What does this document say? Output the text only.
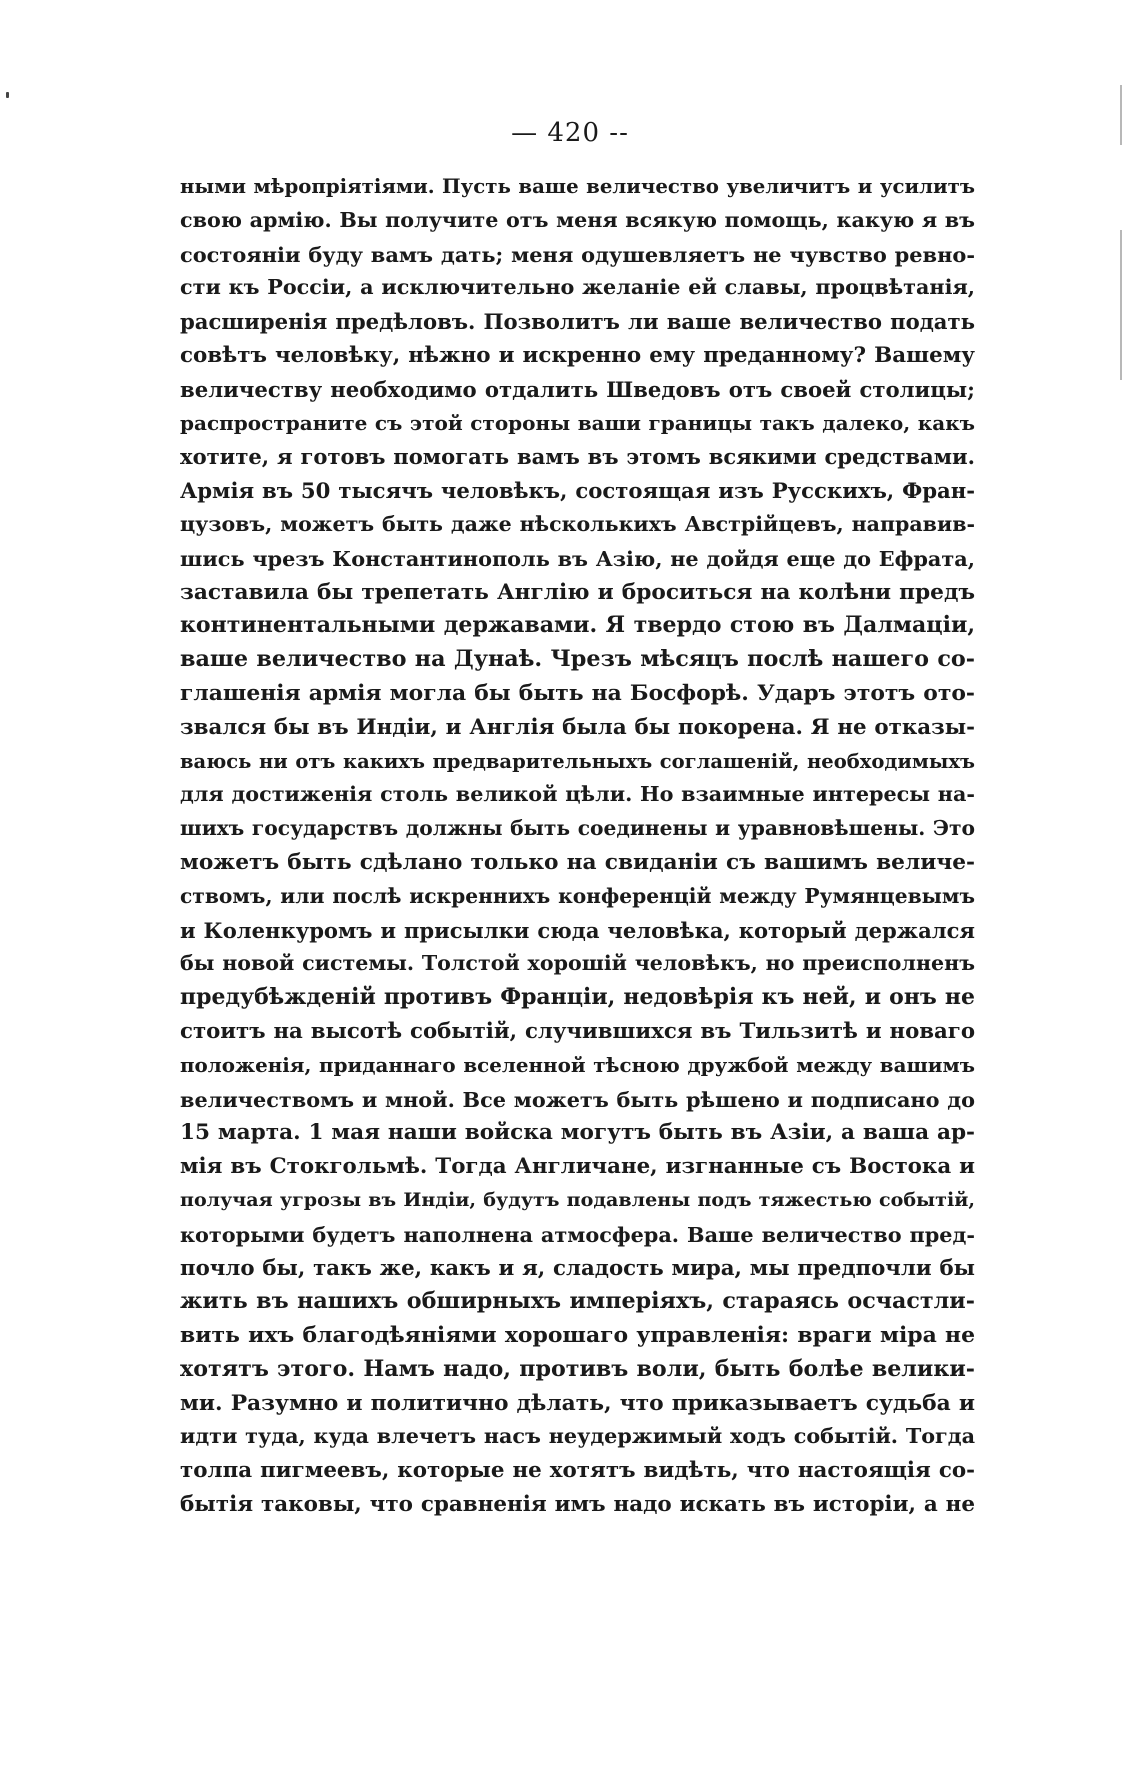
— 420 --
ными мѣропріятіями. Пусть ваше величество увеличитъ и усилитъ
свою армію. Вы получите отъ меня всякую помощь, какую я въ
состояніи буду вамъ дать; меня одушевляетъ не чувство ревно-
сти къ Россіи, а исключительно желаніе ей славы, процвѣтанія,
расширенія предѣловъ. Позволитъ ли ваше величество подать
совѣтъ человѣку, нѣжно и искренно ему преданному? Вашему
величеству необходимо отдалить Шведовъ отъ своей столицы;
распространите съ этой стороны ваши границы такъ далеко, какъ
хотите, я готовъ помогать вамъ въ этомъ всякими средствами.
Армія въ 50 тысячъ человѣкъ, состоящая изъ Русскихъ, Фран-
цузовъ, можетъ быть даже нѣсколькихъ Австрійцевъ, направив-
шись чрезъ Константинополь въ Азію, не дойдя еще до Ефрата,
заставила бы трепетать Англію и броситься на колѣни предъ
континентальными державами. Я твердо стою въ Далмаціи,
ваше величество на Дунаѣ. Чрезъ мѣсяцъ послѣ нашего со-
глашенія армія могла бы быть на Босфорѣ. Ударъ этотъ ото-
звался бы въ Индіи, и Англія была бы покорена. Я не отказы-
ваюсь ни отъ какихъ предварительныхъ соглашеній, необходимыхъ
для достиженія столь великой цѣли. Но взаимные интересы на-
шихъ государствъ должны быть соединены и уравновѣшены. Это
можетъ быть сдѣлано только на свиданіи съ вашимъ величе-
ствомъ, или послѣ искреннихъ конференцій между Румянцевымъ
и Коленкуромъ и присылки сюда человѣка, который держался
бы новой системы. Толстой хорошій человѣкъ, но преисполненъ
предубѣжденій противъ Франціи, недовѣрія къ ней, и онъ не
стоитъ на высотѣ событій, случившихся въ Тильзитѣ и новаго
положенія, приданнаго вселенной тѣсною дружбой между вашимъ
величествомъ и мной. Все можетъ быть рѣшено и подписано до
15 марта. 1 мая наши войска могутъ быть въ Азіи, а ваша ар-
мія въ Стокгольмѣ. Тогда Англичане, изгнанные съ Востока и
получая угрозы въ Индіи, будутъ подавлены подъ тяжестью событій,
которыми будетъ наполнена атмосфера. Ваше величество пред-
почло бы, такъ же, какъ и я, сладость мира, мы предпочли бы
жить въ нашихъ обширныхъ имперіяхъ, стараясь осчастли-
вить ихъ благодѣяніями хорошаго управленія: враги міра не
хотятъ этого. Намъ надо, противъ воли, быть болѣе велики-
ми. Разумно и политично дѣлать, что приказываетъ судьба и
идти туда, куда влечетъ насъ неудержимый ходъ событій. Тогда
толпа пигмеевъ, которые не хотятъ видѣть, что настоящія со-
бытія таковы, что сравненія имъ надо искать въ исторіи, а не
